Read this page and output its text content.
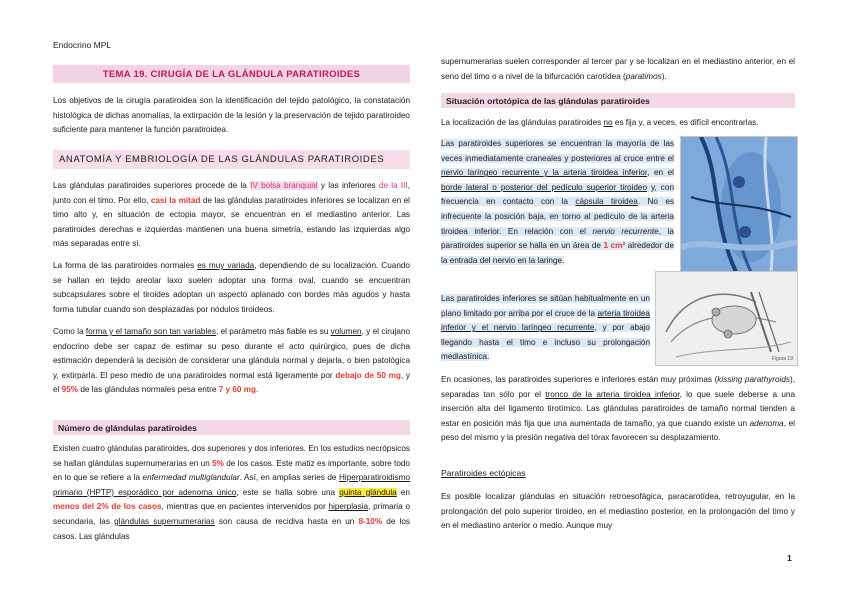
Endocrino MPL
TEMA 19. CIRUGÍA DE LA GLÁNDULA PARATIROIDES

Los objetivos de la cirugía paratiroidea son la identificación del tejido patológico, la constatación histológica de dichas anomalías, la extirpación de la lesión y la preservación de tejido paratiroideo suficiente para mantener la función paratiroidea.

ANATOMÍA Y EMBRIOLOGÍA DE LAS GLÁNDULAS PARATIROIDES

Las glándulas paratiroides superiores procede de la IV bolsa branquial y las inferiores de la III, junto con el timo. Por ello, casi la mitad de las glándulas paratiroides inferiores se localizan en el timo alto y, en situación de ectopia mayor, se encuentran en el mediastino anterior. Las paratiroides derechas e izquierdas mantienen una buena simetría, estando las izquierdas algo más separadas entre sí.

La forma de las paratiroides normales es muy variada, dependiendo de su localización. Cuando se hallan en tejido areolar laxo suelen adoptar una forma oval, cuando se encuentran subcapsulares sobre el tiroides adoptan un aspecto aplanado con bordes más agudos y hasta forma tubular cuando son desplazadas por nódulos tiroideos.

Como la forma y el tamaño son tan variables, el parámetro más fiable es su volumen, y el cirujano endocrino debe ser capaz de estimar su peso durante el acto quirúrgico, pues de dicha estimación dependerá la decisión de considerar una glándula normal y dejarla, o bien patológica y, extirparla. El peso medio de una paratiroides normal está ligeramente por debajo de 50 mg, y el 95% de las glándulas normales pesa entre 7 y 60 mg.

Número de glándulas paratiroides

Existen cuatro glándulas paratiroides, dos superiores y dos inferiores. En los estudios necrópsicos se hallan glándulas supernumerarias en un 5% de los casos. Este matiz es importante, sobre todo en lo que se refiere a la enfermedad multiglandular. Así, en amplias series de Hiperparatiroidismo primario (HPTP) esporádico por adenoma único, este se halla sobre una quinta glándula en menos del 2% de los casos, mientras que en pacientes intervenidos por hiperplasia, primaria o secundaria, las glándulas supernumerarias son causa de recidiva hasta en un 8-10% de los casos. Las glándulas

supernumerarias suelen corresponder al tercer par y se localizan en el mediastino anterior, en el seno del timo o a nivel de la bifurcación carotídea (paratimos).

Situación ortotópica de las glándulas paratiroides

La localización de las glándulas paratiroides no es fija y, a veces, es difícil encontrarlas.

Las paratiroides superiores se encuentran la mayoría de las veces inmediatamente craneales y posteriores al cruce entre el nervio laríngeo recurrente y la arteria tiroidea inferior, en el borde lateral o posterior del pedículo superior tiroideo y, con frecuencia en contacto con la cápsula tiroidea. No es infrecuente la posición baja, en torno al pedículo de la arteria tiroidea inferior. En relación con el nervio recurrente, la paratiroides superior se halla en un área de 1 cm² alrededor de la entrada del nervio en la laringe.

Figura 19

Las paratiroides inferiores se sitúan habitualmente en un plano limitado por arriba por el cruce de la arteria tiroidea inferior y el nervio laríngeo recurrente, y por abajo llegando hasta el timo e incluso su prolongación mediastínica.

En ocasiones, las paratiroides superiores e inferiores están muy próximas (kissing parathyroids), separadas tan sólo por el tronco de la arteria tiroidea inferior, lo que suele deberse a una inserción alta del ligamento tirotímico. Las glándulas paratiroides de tamaño normal tienden a estar en posición más fija que una aumentada de tamaño, ya que cuando existe un adenoma, el peso del mismo y la presión negativa del tórax favorecen su desplazamiento.

Paratiroides ectópicas

Es posible localizar glándulas en situación retroesofágica, paracarotídea, retroyugular, en la prolongación del polo superior tiroideo, en el mediastino posterior, en la prolongación del timo y en el mediastino anterior o medio. Aunque muy

1
